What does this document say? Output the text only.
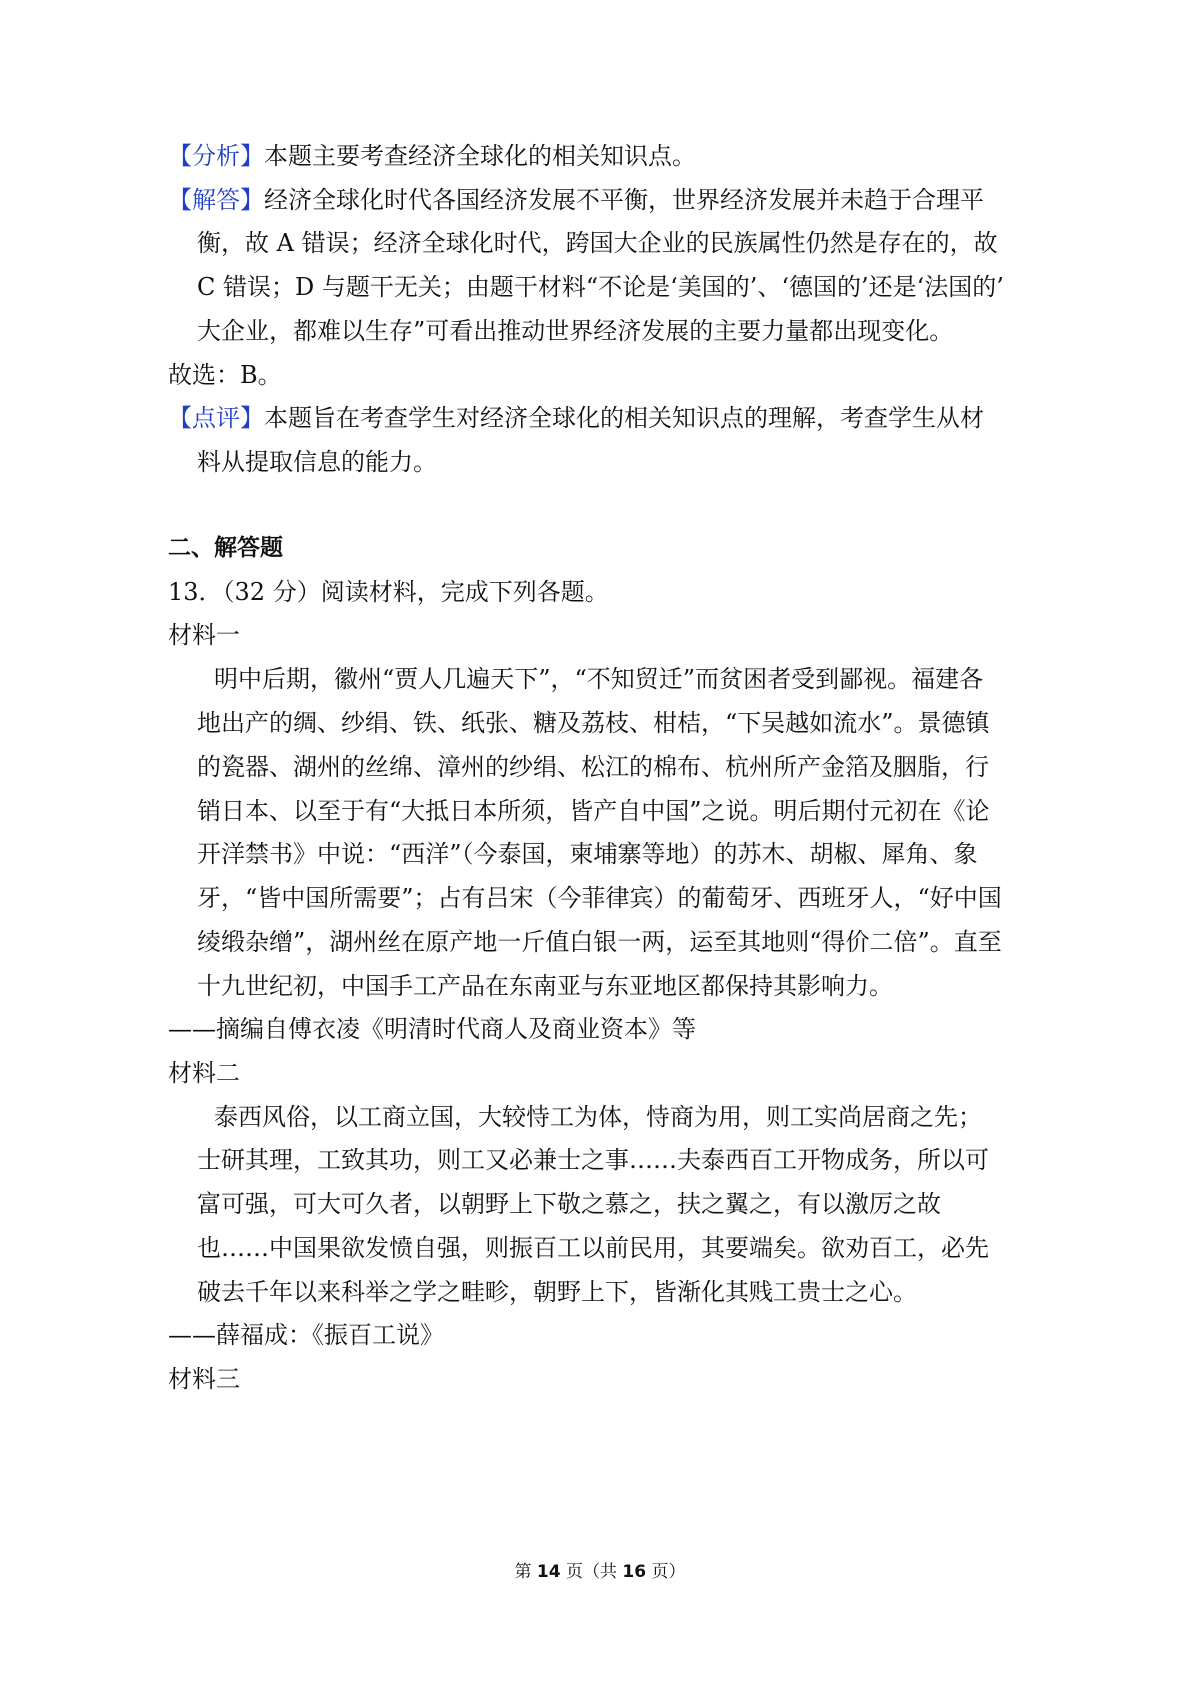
【分析】本题主要考查经济全球化的相关知识点。
【解答】经济全球化时代各国经济发展不平衡，世界经济发展并未趋于合理平
衡，故 A 错误；经济全球化时代，跨国大企业的民族属性仍然是存在的，故
C 错误；D 与题干无关；由题干材料“不论是‘美国的’、‘德国的’还是‘法国的’
大企业，都难以生存”可看出推动世界经济发展的主要力量都出现变化。
故选：B。
【点评】本题旨在考查学生对经济全球化的相关知识点的理解，考查学生从材
料从提取信息的能力。
二、解答题
13．（32 分）阅读材料，完成下列各题。
材料一
明中后期，徽州“贾人几遍天下”，“不知贸迁”而贫困者受到鄙视。福建各
地出产的绸、纱绢、铁、纸张、糖及荔枝、柑桔，“下吴越如流水”。景德镇
的瓷器、湖州的丝绵、漳州的纱绢、松江的棉布、杭州所产金箔及胭脂，行
销日本、以至于有“大抵日本所须，皆产自中国”之说。明后期付元初在《论
开洋禁书》中说：“西洋”（今泰国，柬埔寨等地）的苏木、胡椒、犀角、象
牙，“皆中国所需要”；占有吕宋（今菲律宾）的葡萄牙、西班牙人，“好中国
绫缎杂缯”，湖州丝在原产地一斤值白银一两，运至其地则“得价二倍”。直至
十九世纪初，中国手工产品在东南亚与东亚地区都保持其影响力。
——摘编自傅衣凌《明清时代商人及商业资本》等
材料二
泰西风俗，以工商立国，大较恃工为体，恃商为用，则工实尚居商之先；
士研其理，工致其功，则工又必兼士之事……夫泰西百工开物成务，所以可
富可强，可大可久者，以朝野上下敬之慕之，扶之翼之，有以激厉之故
也……中国果欲发愤自强，则振百工以前民用，其要端矣。欲劝百工，必先
破去千年以来科举之学之畦畛，朝野上下，皆渐化其贱工贵士之心。
——薛福成：《振百工说》
材料三
第 14 页（共 16 页）
